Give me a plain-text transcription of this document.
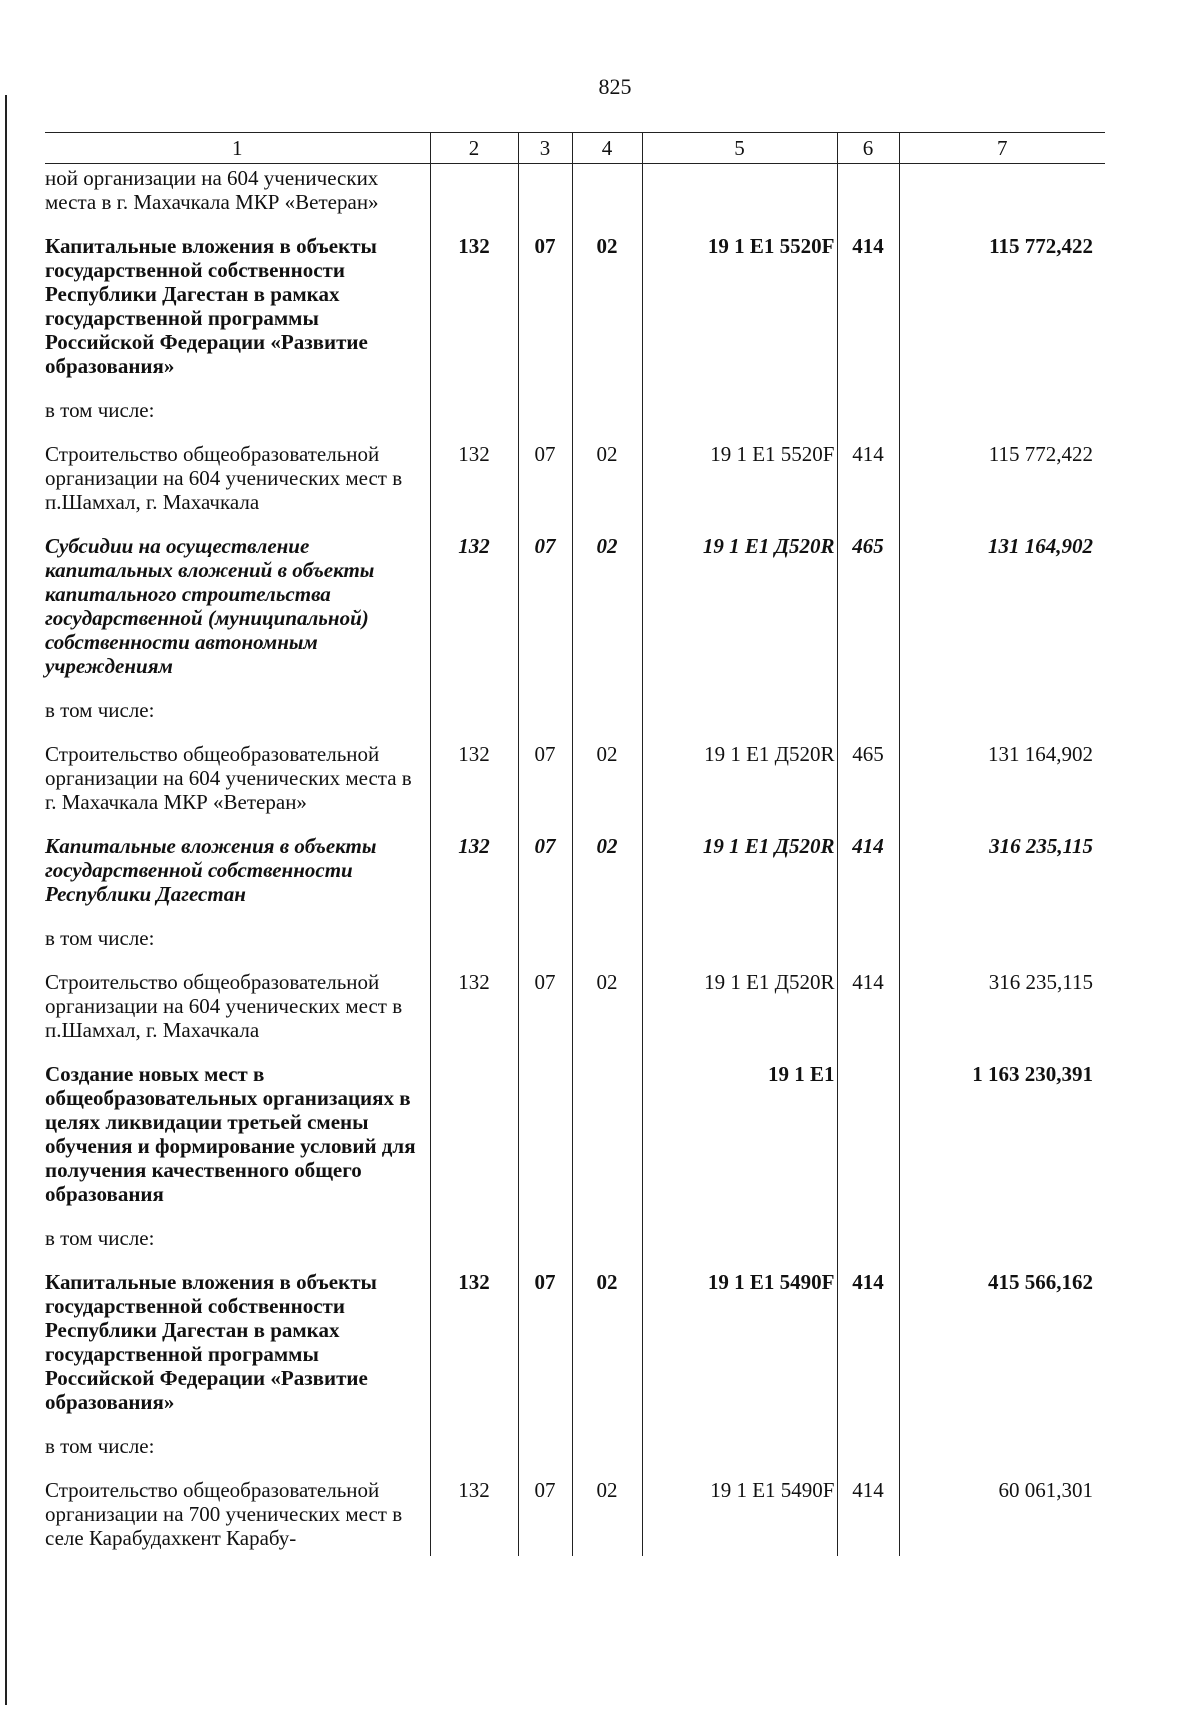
825
1	2	3	4	5	6	7
ной организации на 604 ученических места в г. Махачкала МКР «Ветеран»						
Капитальные вложения в объекты государственной собственности Республики Дагестан в рамках государственной программы Российской Федерации «Развитие образования»	132	07	02	19 1 E1 5520F	414	115 772,422
в том числе:						
Строительство общеобразовательной организации на 604 ученических мест в п.Шамхал, г. Махачкала	132	07	02	19 1 E1 5520F	414	115 772,422
Субсидии на осуществление капитальных вложений в объекты капитального строительства государственной (муниципальной) собственности автономным учреждениям	132	07	02	19 1 E1 Д520R	465	131 164,902
в том числе:						
Строительство общеобразовательной организации на 604 ученических места в г. Махачкала МКР «Ветеран»	132	07	02	19 1 E1 Д520R	465	131 164,902
Капитальные вложения в объекты государственной собственности Республики Дагестан	132	07	02	19 1 E1 Д520R	414	316 235,115
в том числе:						
Строительство общеобразовательной организации на 604 ученических мест в п.Шамхал, г. Махачкала	132	07	02	19 1 E1 Д520R	414	316 235,115
Создание новых мест в общеобразовательных организациях в целях ликвидации третьей смены обучения и формирование условий для получения качественного общего образования				19 1 E1		1 163 230,391
в том числе:						
Капитальные вложения в объекты государственной собственности Республики Дагестан в рамках государственной программы Российской Федерации «Развитие образования»	132	07	02	19 1 E1 5490F	414	415 566,162
в том числе:						
Строительство общеобразовательной организации на 700 ученических мест в селе Карабудахкент Карабу-	132	07	02	19 1 E1 5490F	414	60 061,301
